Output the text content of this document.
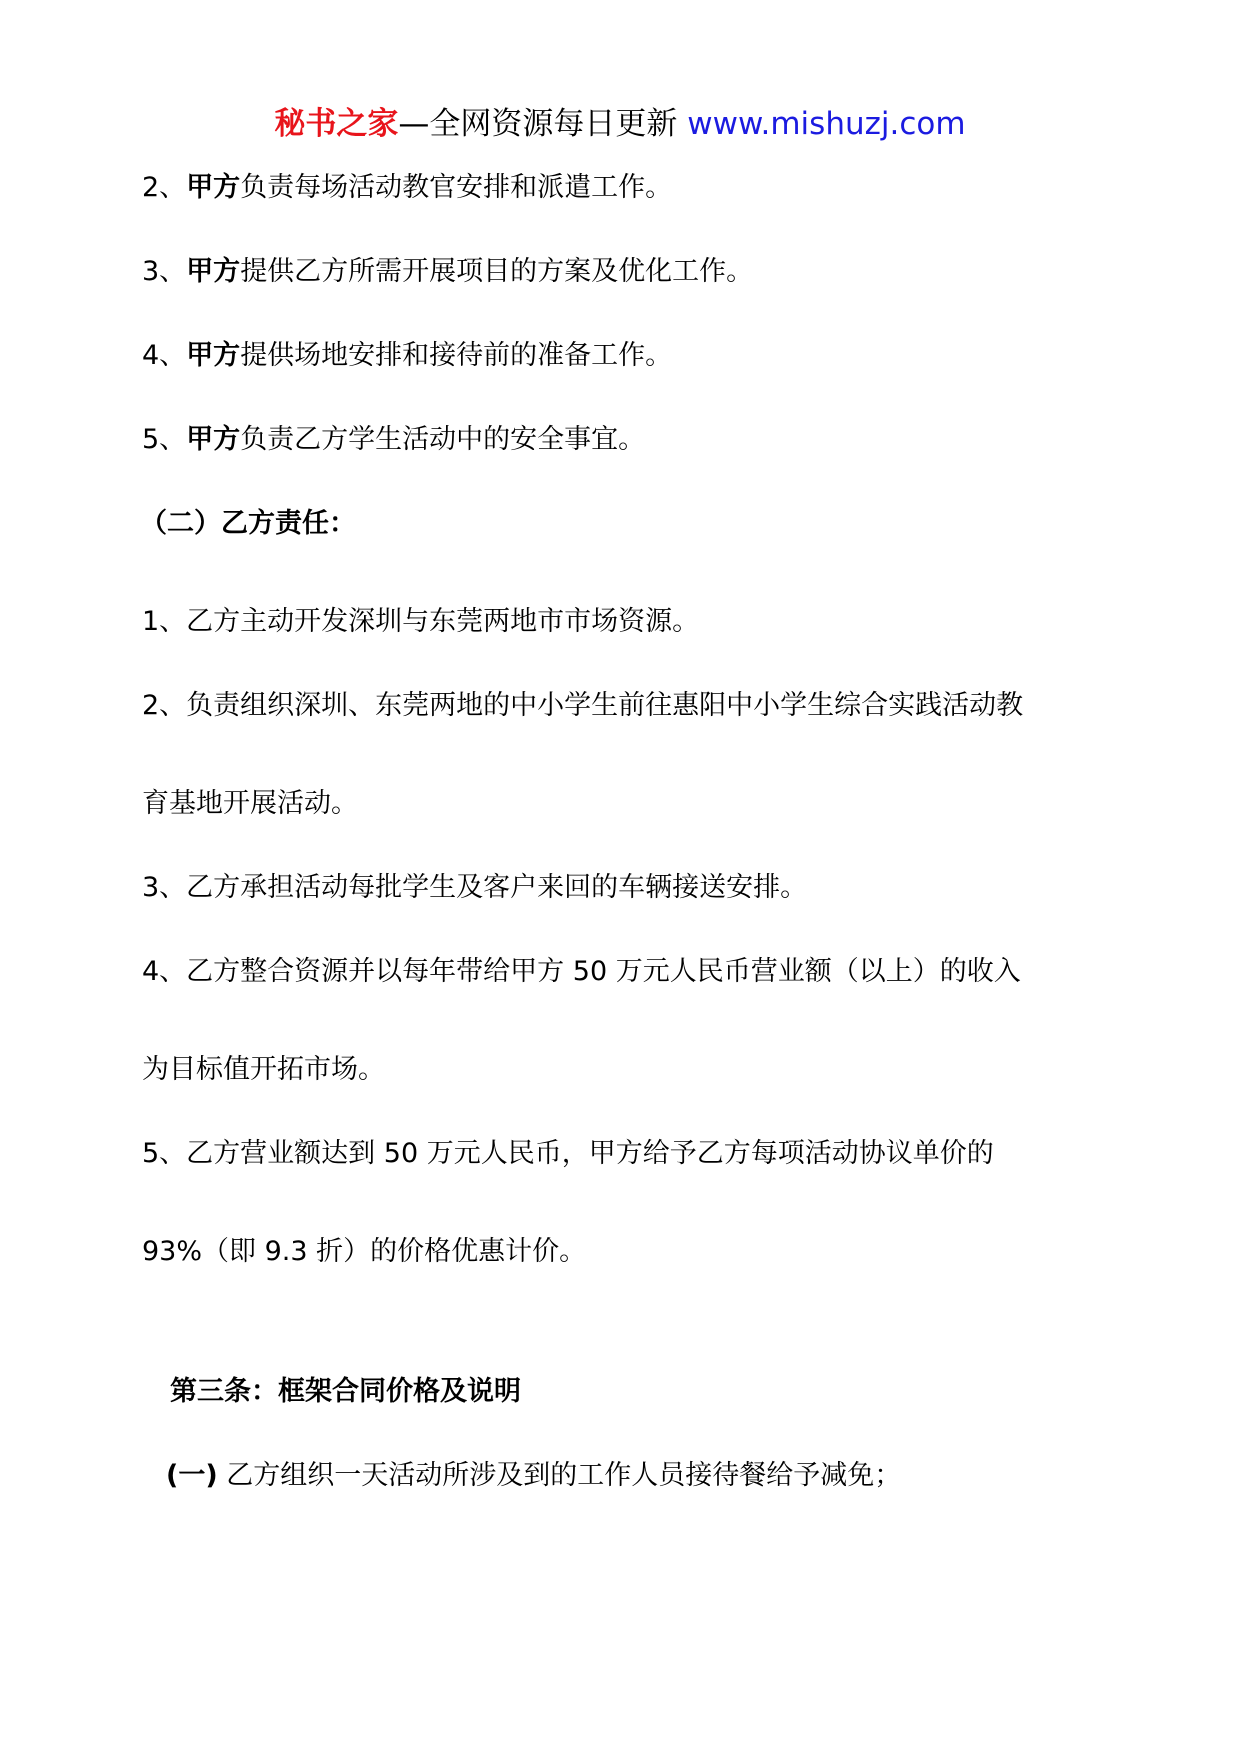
秘书之家—全网资源每日更新 www.mishuzj.com
2、甲方负责每场活动教官安排和派遣工作。
3、甲方提供乙方所需开展项目的方案及优化工作。
4、甲方提供场地安排和接待前的准备工作。
5、甲方负责乙方学生活动中的安全事宜。
（二）乙方责任：
1、乙方主动开发深圳与东莞两地市市场资源。
2、负责组织深圳、东莞两地的中小学生前往惠阳中小学生综合实践活动教
育基地开展活动。
3、乙方承担活动每批学生及客户来回的车辆接送安排。
4、乙方整合资源并以每年带给甲方 50 万元人民币营业额（以上）的收入
为目标值开拓市场。
5、乙方营业额达到 50 万元人民币，甲方给予乙方每项活动协议单价的
93%（即 9.3 折）的价格优惠计价。
第三条：框架合同价格及说明
(一) 乙方组织一天活动所涉及到的工作人员接待餐给予减免；
